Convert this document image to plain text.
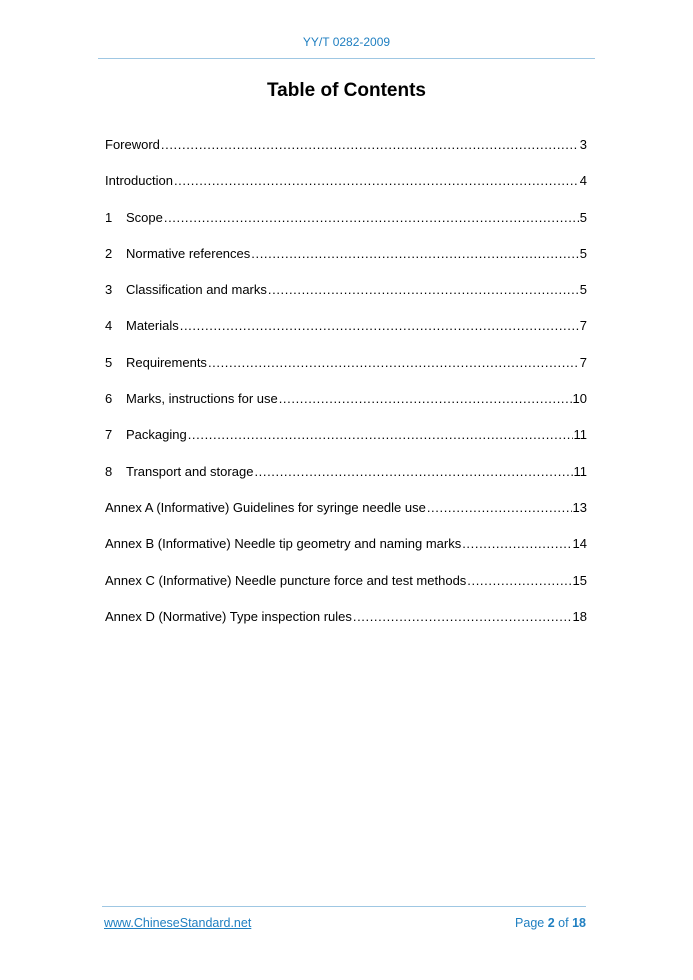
YY/T 0282-2009
Table of Contents
Foreword .....	3
Introduction .....	4
1	Scope .....	5
2	Normative references .....	5
3	Classification and marks .....	5
4	Materials .....	7
5	Requirements .....	7
6	Marks, instructions for use .....	10
7	Packaging .....	11
8	Transport and storage .....	11
Annex A (Informative) Guidelines for syringe needle use .....	13
Annex B (Informative) Needle tip geometry and naming marks .....	14
Annex C (Informative) Needle puncture force and test methods .....	15
Annex D (Normative) Type inspection rules .....	18
www.ChineseStandard.net	Page 2 of 18
